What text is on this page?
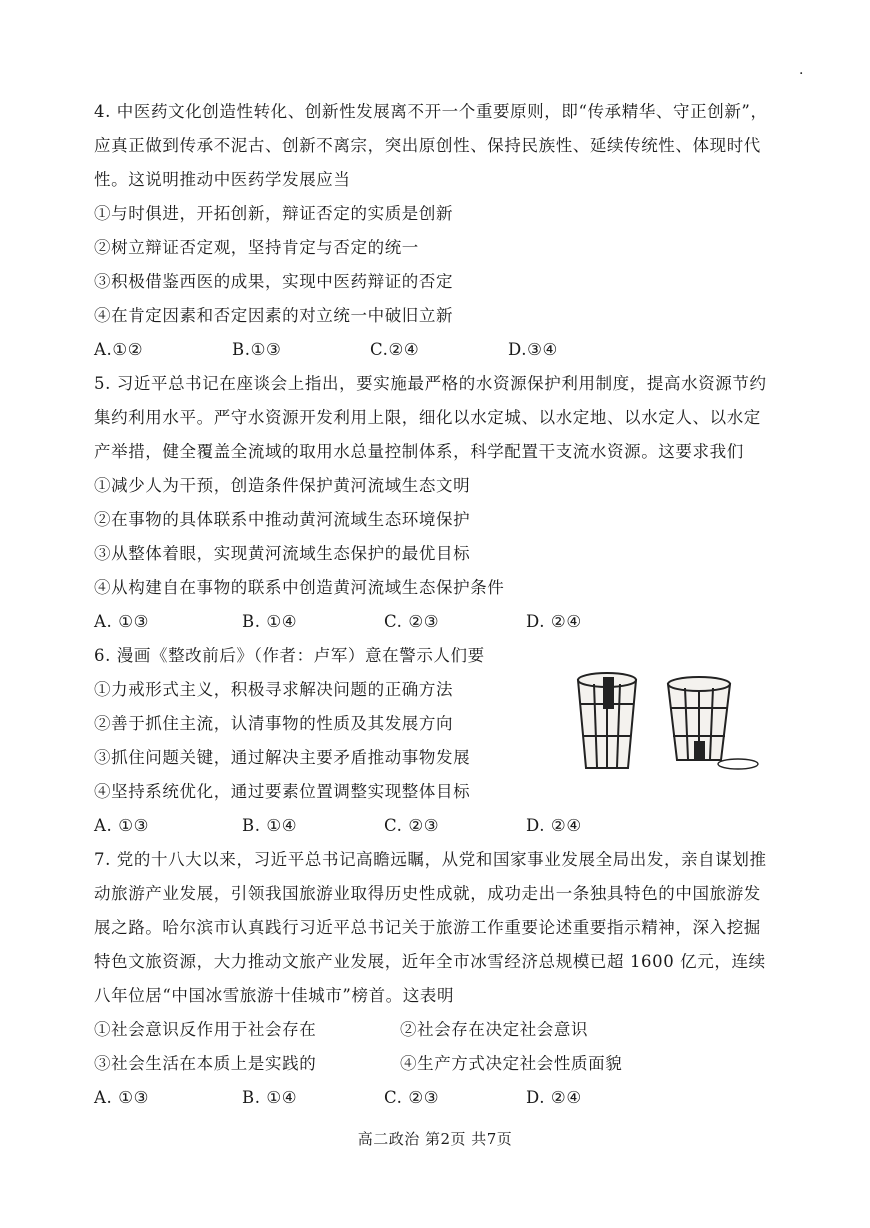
·
4. 中医药文化创造性转化、创新性发展离不开一个重要原则，即“传承精华、守正创新”，
应真正做到传承不泥古、创新不离宗，突出原创性、保持民族性、延续传统性、体现时代
性。这说明推动中医药学发展应当
①与时俱进，开拓创新，辩证否定的实质是创新
②树立辩证否定观，坚持肯定与否定的统一
③积极借鉴西医的成果，实现中医药辩证的否定
④在肯定因素和否定因素的对立统一中破旧立新
A.①②	B.①③	C.②④	D.③④
5. 习近平总书记在座谈会上指出，要实施最严格的水资源保护利用制度，提高水资源节约
集约利用水平。严守水资源开发利用上限，细化以水定城、以水定地、以水定人、以水定
产举措，健全覆盖全流域的取用水总量控制体系，科学配置干支流水资源。这要求我们
①减少人为干预，创造条件保护黄河流域生态文明
②在事物的具体联系中推动黄河流域生态环境保护
③从整体着眼，实现黄河流域生态保护的最优目标
④从构建自在事物的联系中创造黄河流域生态保护条件
A. ①③	B. ①④	C. ②③	D. ②④
6. 漫画《整改前后》（作者：卢军）意在警示人们要
①力戒形式主义，积极寻求解决问题的正确方法
②善于抓住主流，认清事物的性质及其发展方向
③抓住问题关键，通过解决主要矛盾推动事物发展
④坚持系统优化，通过要素位置调整实现整体目标
A. ①③	B. ①④	C. ②③	D. ②④
7. 党的十八大以来，习近平总书记高瞻远瞩，从党和国家事业发展全局出发，亲自谋划推
动旅游产业发展，引领我国旅游业取得历史性成就，成功走出一条独具特色的中国旅游发
展之路。哈尔滨市认真践行习近平总书记关于旅游工作重要论述重要指示精神，深入挖掘
特色文旅资源，大力推动文旅产业发展，近年全市冰雪经济总规模已超 1600 亿元，连续
八年位居“中国冰雪旅游十佳城市”榜首。这表明
①社会意识反作用于社会存在	②社会存在决定社会意识
③社会生活在本质上是实践的	④生产方式决定社会性质面貌
A. ①③	B. ①④	C. ②③	D. ②④
高二政治 第2页 共7页
